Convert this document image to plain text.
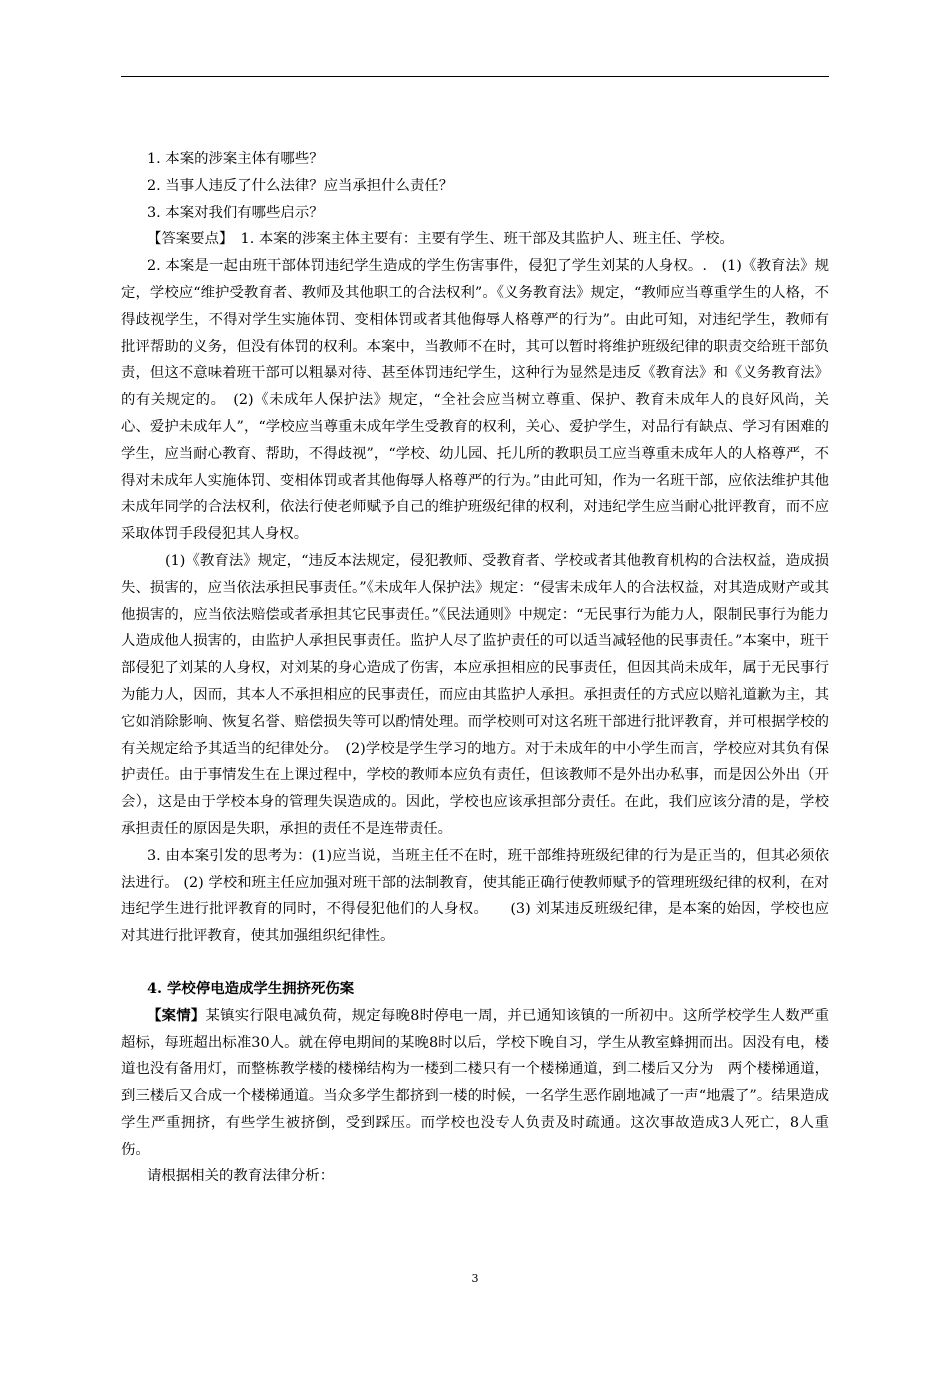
1. 本案的涉案主体有哪些？

2. 当事人违反了什么法律？应当承担什么责任？

3. 本案对我们有哪些启示？

【答案要点】　1. 本案的涉案主体主要有：主要有学生、班干部及其监护人、班主任、学校。

2. 本案是一起由班干部体罚违纪学生造成的学生伤害事件，侵犯了学生刘某的人身权。.　(1)《教育法》规定，学校应“维护受教育者、教师及其他职工的合法权利”。《义务教育法》规定，“教师应当尊重学生的人格，不得歧视学生，不得对学生实施体罚、变相体罚或者其他侮辱人格尊严的行为”。由此可知，对违纪学生，教师有批评帮助的义务，但没有体罚的权利。本案中，当教师不在时，其可以暂时将维护班级纪律的职责交给班干部负责，但这不意味着班干部可以粗暴对待、甚至体罚违纪学生，这种行为显然是违反《教育法》和《义务教育法》的有关规定的。　(2)《未成年人保护法》规定，“全社会应当树立尊重、保护、教育未成年人的良好风尚，关心、爱护未成年人”，“学校应当尊重未成年学生受教育的权利，关心、爱护学生，对品行有缺点、学习有困难的学生，应当耐心教育、帮助，不得歧视”，“学校、幼儿园、托儿所的教职员工应当尊重未成年人的人格尊严，不得对未成年人实施体罚、变相体罚或者其他侮辱人格尊严的行为。”由此可知，作为一名班干部，应依法维护其他未成年同学的合法权利，依法行使老师赋予自己的维护班级纪律的权利，对违纪学生应当耐心批评教育，而不应采取体罚手段侵犯其人身权。

(1)《教育法》规定，“违反本法规定，侵犯教师、受教育者、学校或者其他教育机构的合法权益，造成损失、损害的，应当依法承担民事责任。”《未成年人保护法》规定：“侵害未成年人的合法权益，对其造成财产或其他损害的，应当依法赔偿或者承担其它民事责任。”《民法通则》中规定：“无民事行为能力人，限制民事行为能力人造成他人损害的，由监护人承担民事责任。监护人尽了监护责任的可以适当减轻他的民事责任。”本案中，班干部侵犯了刘某的人身权，对刘某的身心造成了伤害，本应承担相应的民事责任，但因其尚未成年，属于无民事行为能力人，因而，其本人不承担相应的民事责任，而应由其监护人承担。承担责任的方式应以赔礼道歉为主，其它如消除影响、恢复名誉、赔偿损失等可以酌情处理。而学校则可对这名班干部进行批评教育，并可根据学校的有关规定给予其适当的纪律处分。　(2)学校是学生学习的地方。对于未成年的中小学生而言，学校应对其负有保护责任。由于事情发生在上课过程中，学校的教师本应负有责任，但该教师不是外出办私事，而是因公外出（开会），这是由于学校本身的管理失误造成的。因此，学校也应该承担部分责任。在此，我们应该分清的是，学校承担责任的原因是失职，承担的责任不是连带责任。

3. 由本案引发的思考为：(1)应当说，当班主任不在时，班干部维持班级纪律的行为是正当的，但其必须依法进行。 (2) 学校和班主任应加强对班干部的法制教育，使其能正确行使教师赋予的管理班级纪律的权利，在对违纪学生进行批评教育的同时，不得侵犯他们的人身权。　　(3) 刘某违反班级纪律，是本案的始因，学校也应对其进行批评教育，使其加强组织纪律性。

4. 学校停电造成学生拥挤死伤案

【案情】某镇实行限电减负荷，规定每晚8时停电一周，并已通知该镇的一所初中。这所学校学生人数严重超标，每班超出标准30人。就在停电期间的某晚8时以后，学校下晚自习，学生从教室蜂拥而出。因没有电，楼道也没有备用灯，而整栋教学楼的楼梯结构为一楼到二楼只有一个楼梯通道，到二楼后又分为　两个楼梯通道，到三楼后又合成一个楼梯通道。当众多学生都挤到一楼的时候，一名学生恶作剧地减了一声“地震了”。结果造成学生严重拥挤，有些学生被挤倒，受到踩压。而学校也没专人负责及时疏通。这次事故造成3人死亡，8人重伤。

请根据相关的教育法律分析：

3
